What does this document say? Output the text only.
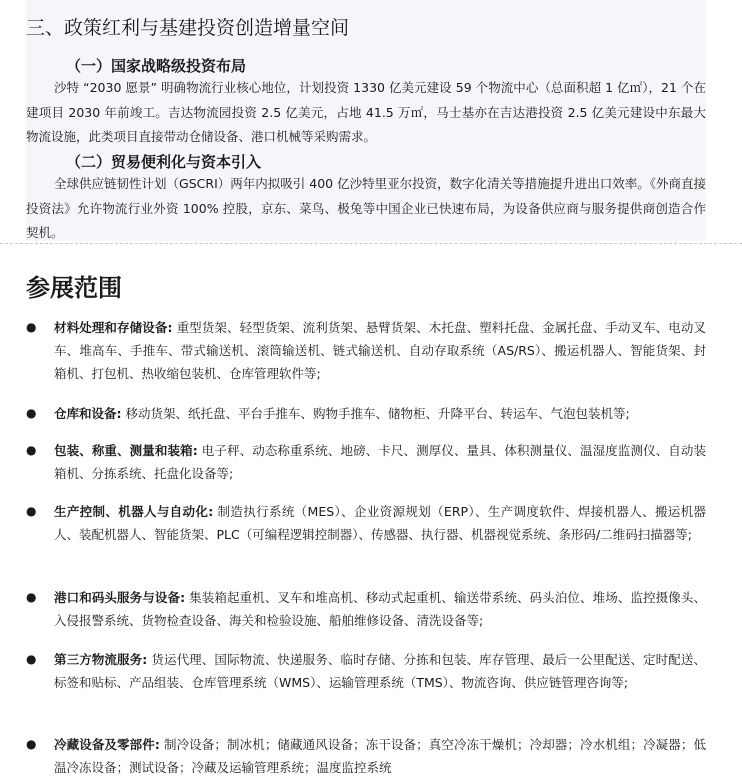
三、政策红利与基建投资创造增量空间
（一）国家战略级投资布局

沙特 “2030 愿景” 明确物流行业核心地位，计划投资 1330 亿美元建设 59 个物流中心（总面积超 1 亿㎡），21 个在建项目 2030 年前竣工。吉达物流园投资 2.5 亿美元，占地 41.5 万㎡，马士基亦在吉达港投资 2.5 亿美元建设中东最大物流设施，此类项目直接带动仓储设备、港口机械等采购需求。

（二）贸易便利化与资本引入

全球供应链韧性计划（GSCRI）两年内拟吸引 400 亿沙特里亚尔投资，数字化清关等措施提升进出口效率。《外商直接投资法》允许物流行业外资 100% 控股，京东、菜鸟、极兔等中国企业已快速布局，为设备供应商与服务提供商创造合作契机。

参展范围
●	材料处理和存储设备: 重型货架、轻型货架、流利货架、悬臂货架、木托盘、塑料托盘、金属托盘、手动叉车、电动叉车、堆高车、手推车、带式输送机、滚筒输送机、链式输送机、自动存取系统（AS/RS）、搬运机器人、智能货架、封箱机、打包机、热收缩包装机、仓库管理软件等;
●	仓库和设备: 移动货架、纸托盘、平台手推车、购物手推车、储物柜、升降平台、转运车、气泡包装机等;
●	包装、称重、测量和装箱: 电子秤、动态称重系统、地磅、卡尺、测厚仪、量具、体积测量仪、温湿度监测仪、自动装箱机、分拣系统、托盘化设备等;
●	生产控制、机器人与自动化: 制造执行系统（MES）、企业资源规划（ERP）、生产调度软件、焊接机器人、搬运机器人、装配机器人、智能货架、PLC（可编程逻辑控制器）、传感器、执行器、机器视觉系统、条形码/二维码扫描器等;
●	港口和码头服务与设备: 集装箱起重机、叉车和堆高机、移动式起重机、输送带系统、码头泊位、堆场、监控摄像头、入侵报警系统、货物检查设备、海关和检验设施、船舶维修设备、清洗设备等;
●	第三方物流服务: 货运代理、国际物流、快递服务、临时存储、分拣和包装、库存管理、最后一公里配送、定时配送、标签和贴标、产品组装、仓库管理系统（WMS）、运输管理系统（TMS）、物流咨询、供应链管理咨询等;
●	冷藏设备及零部件: 制冷设备；制冰机；储藏通风设备；冻干设备；真空冷冻干燥机；冷却器；冷水机组；冷凝器；低温冷冻设备；测试设备；冷藏及运输管理系统；温度监控系统
